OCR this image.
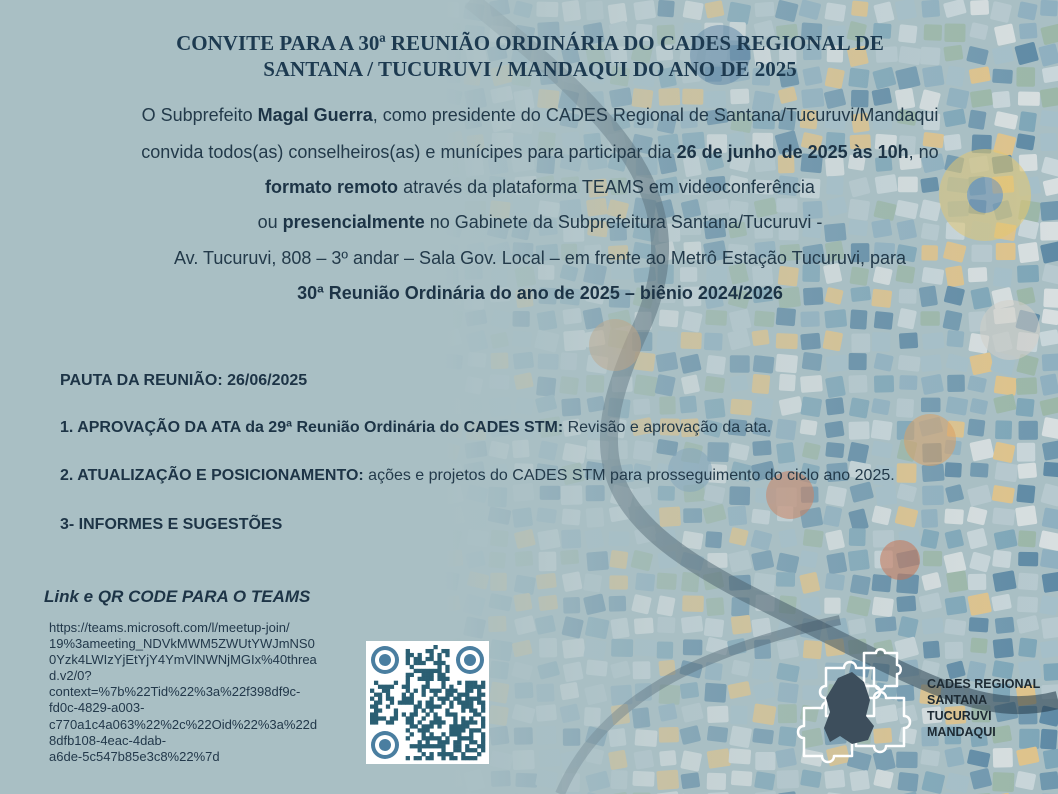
CONVITE PARA A 30ª REUNIÃO ORDINÁRIA DO CADES REGIONAL DE
SANTANA / TUCURUVI / MANDAQUI DO ANO DE 2025
O Subprefeito Magal Guerra, como presidente do CADES Regional de Santana/Tucuruvi/Mandaqui
convida todos(as) conselheiros(as) e munícipes para participar dia 26 de junho de 2025 às 10h, no
formato remoto através da plataforma TEAMS em videoconferência
ou presencialmente no Gabinete da Subprefeitura Santana/Tucuruvi -
Av. Tucuruvi, 808 – 3º andar – Sala Gov. Local – em frente ao Metrô Estação Tucuruvi, para
30ª Reunião Ordinária do ano de 2025 – biênio 2024/2026
PAUTA DA REUNIÃO: 26/06/2025
1. APROVAÇÃO DA ATA da 29ª Reunião Ordinária do CADES STM: Revisão e aprovação da ata.
2. ATUALIZAÇÃO E POSICIONAMENTO: ações e projetos do CADES STM para prosseguimento do ciclo ano 2025.
3- INFORMES E SUGESTÕES
Link e QR CODE PARA O TEAMS
https://teams.microsoft.com/l/meetup-join/
19%3ameeting_NDVkMWM5ZWUtYWJmNS0
0Yzk4LWIzYjEtYjY4YmVlNWNjMGIx%40threa
d.v2/0?
context=%7b%22Tid%22%3a%22f398df9c-
fd0c-4829-a003-
c770a1c4a063%22%2c%22Oid%22%3a%22d
8dfb108-4eac-4dab-
a6de-5c547b85e3c8%22%7d
CADES REGIONAL
SANTANA
TUCURUVI
MANDAQUI
